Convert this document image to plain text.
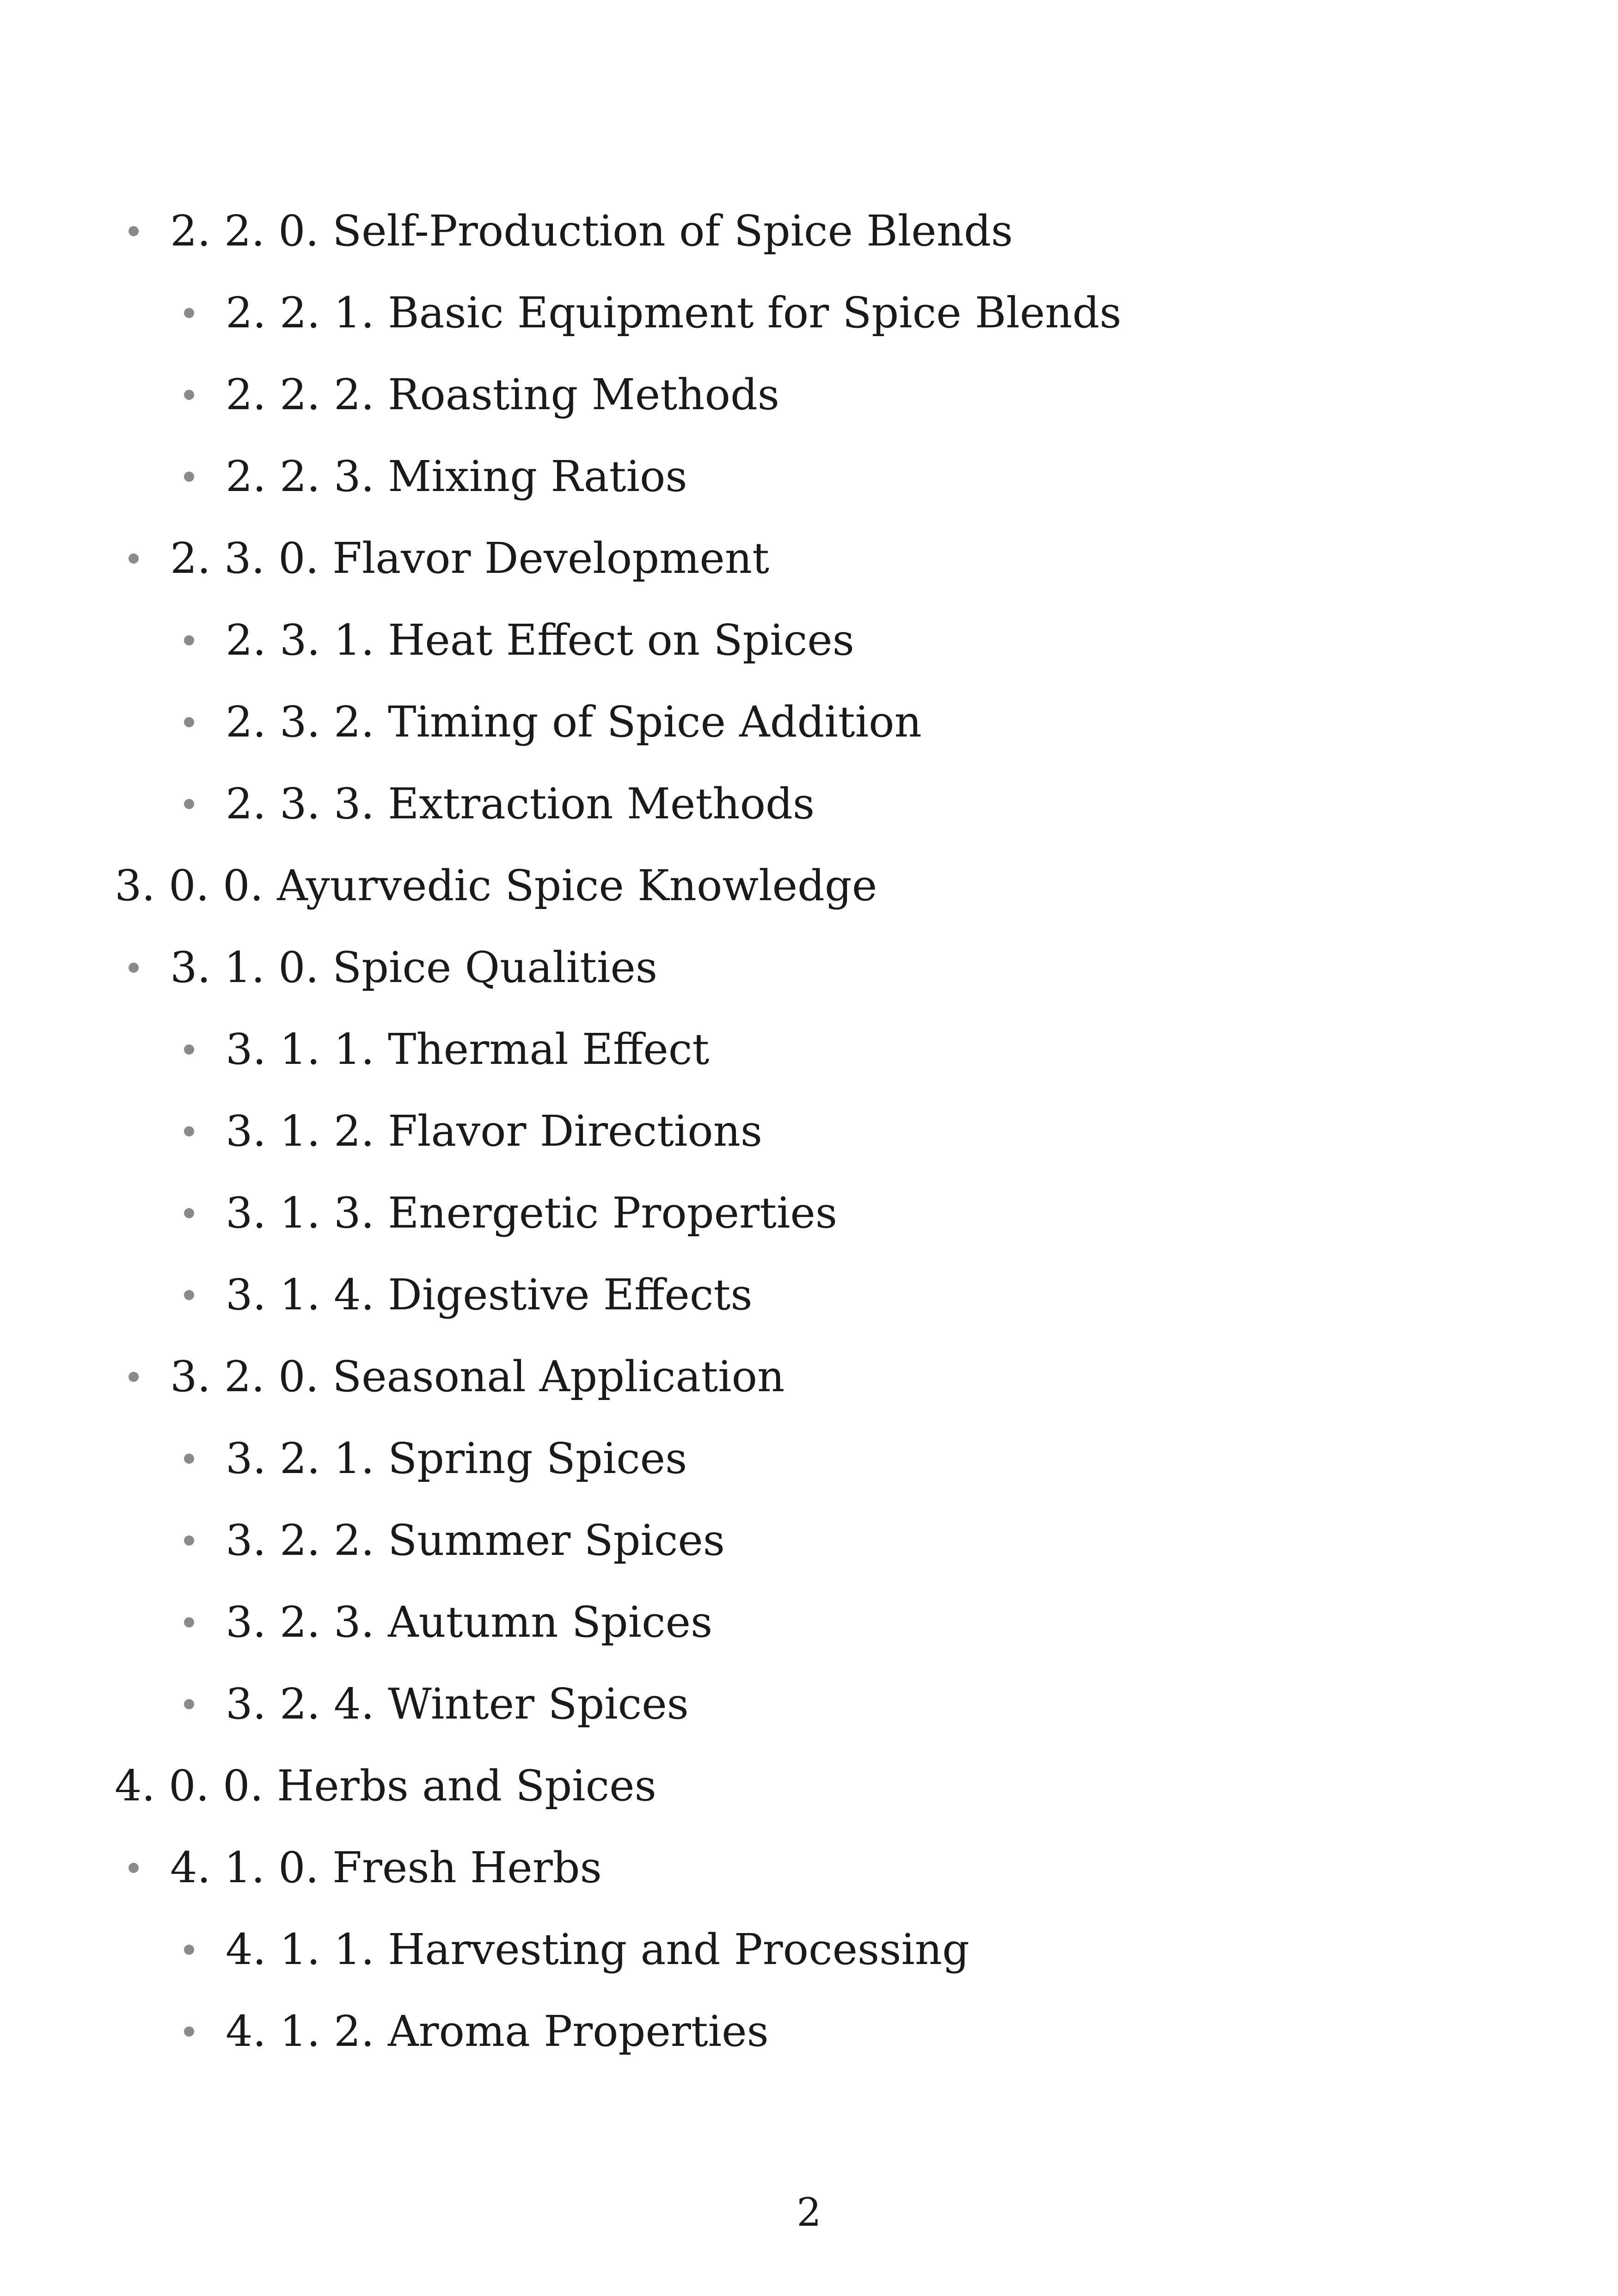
2. 2. 0. Self-Production of Spice Blends
2. 2. 1. Basic Equipment for Spice Blends
2. 2. 2. Roasting Methods
2. 2. 3. Mixing Ratios
2. 3. 0. Flavor Development
2. 3. 1. Heat Effect on Spices
2. 3. 2. Timing of Spice Addition
2. 3. 3. Extraction Methods
3. 0. 0. Ayurvedic Spice Knowledge
3. 1. 0. Spice Qualities
3. 1. 1. Thermal Effect
3. 1. 2. Flavor Directions
3. 1. 3. Energetic Properties
3. 1. 4. Digestive Effects
3. 2. 0. Seasonal Application
3. 2. 1. Spring Spices
3. 2. 2. Summer Spices
3. 2. 3. Autumn Spices
3. 2. 4. Winter Spices
4. 0. 0. Herbs and Spices
4. 1. 0. Fresh Herbs
4. 1. 1. Harvesting and Processing
4. 1. 2. Aroma Properties
2
